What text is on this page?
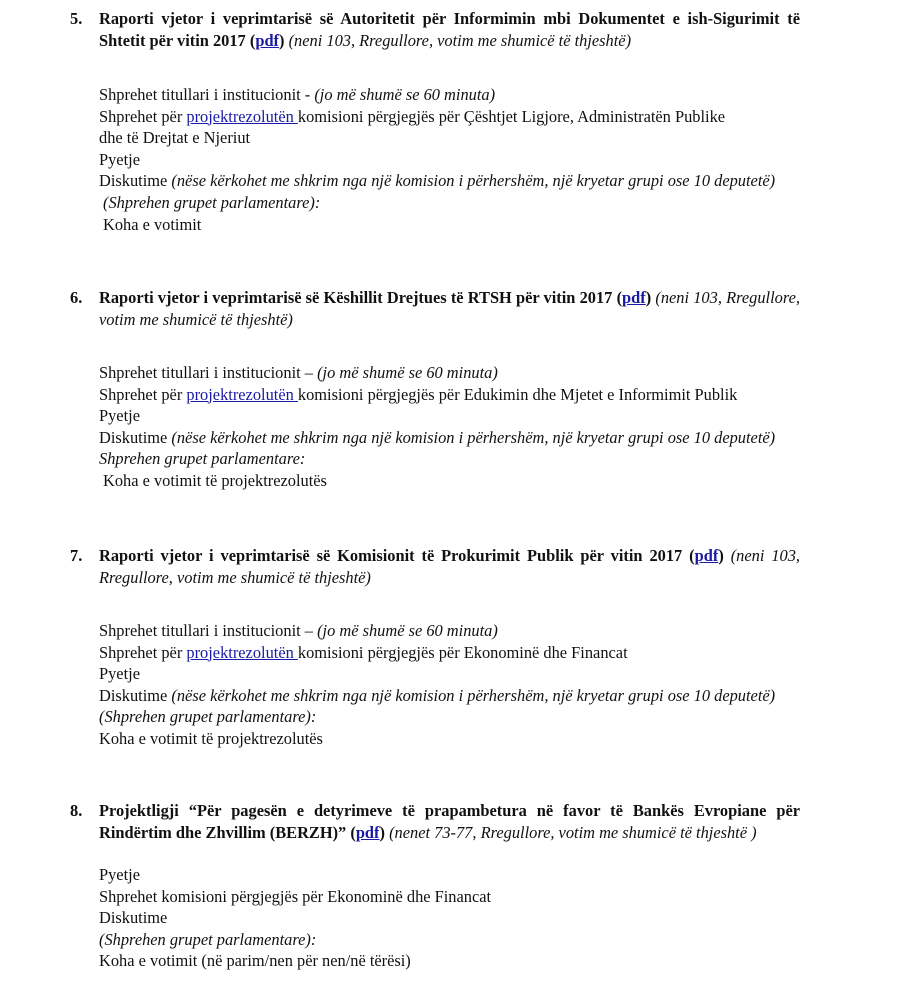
5. Raporti vjetor i veprimtarisë së Autoritetit për Informimin mbi Dokumentet e ish-Sigurimit të Shtetit për vitin 2017 (pdf) (neni 103, Rregullore, votim me shumicë të thjeshtë)
Shprehet titullari i institucionit - (jo më shumë se 60 minuta)
Shprehet për projektrezolutën komisioni përgjegjës për Çështjet Ligjore, Administratën Publike dhe të Drejtat e Njeriut
Pyetje
Diskutime (nëse kërkohet me shkrim nga një komision i përhershëm, një kryetar grupi ose 10 deputetë)
(Shprehen grupet parlamentare):
Koha e votimit
6. Raporti vjetor i veprimtarisë së Këshillit Drejtues të RTSH për vitin 2017 (pdf) (neni 103, Rregullore, votim me shumicë të thjeshtë)
Shprehet titullari i institucionit – (jo më shumë se 60 minuta)
Shprehet për projektrezolutën komisioni përgjegjës për Edukimin dhe Mjetet e Informimit Publik
Pyetje
Diskutime (nëse kërkohet me shkrim nga një komision i përhershëm, një kryetar grupi ose 10 deputetë)
Shprehen grupet parlamentare:
Koha e votimit të projektrezolutës
7. Raporti vjetor i veprimtarisë së Komisionit të Prokurimit Publik për vitin 2017 (pdf) (neni 103, Rregullore, votim me shumicë të thjeshtë)
Shprehet titullari i institucionit – (jo më shumë se 60 minuta)
Shprehet për projektrezolutën komisioni përgjegjës për Ekonominë dhe Financat
Pyetje
Diskutime (nëse kërkohet me shkrim nga një komision i përhershëm, një kryetar grupi ose 10 deputetë)
(Shprehen grupet parlamentare):
Koha e votimit të projektrezolutës
8. Projektligji “Për pagesën e detyrimeve të prapambetura në favor të Bankës Evropiane për Rindërtim dhe Zhvillim (BERZH)” (pdf) (nenet 73-77, Rregullore, votim me shumicë të thjeshtë )
Pyetje
Shprehet komisioni përgjegjës për Ekonominë dhe Financat
Diskutime
(Shprehen grupet parlamentare):
Koha e votimit (në parim/nen për nen/në tërësi)
